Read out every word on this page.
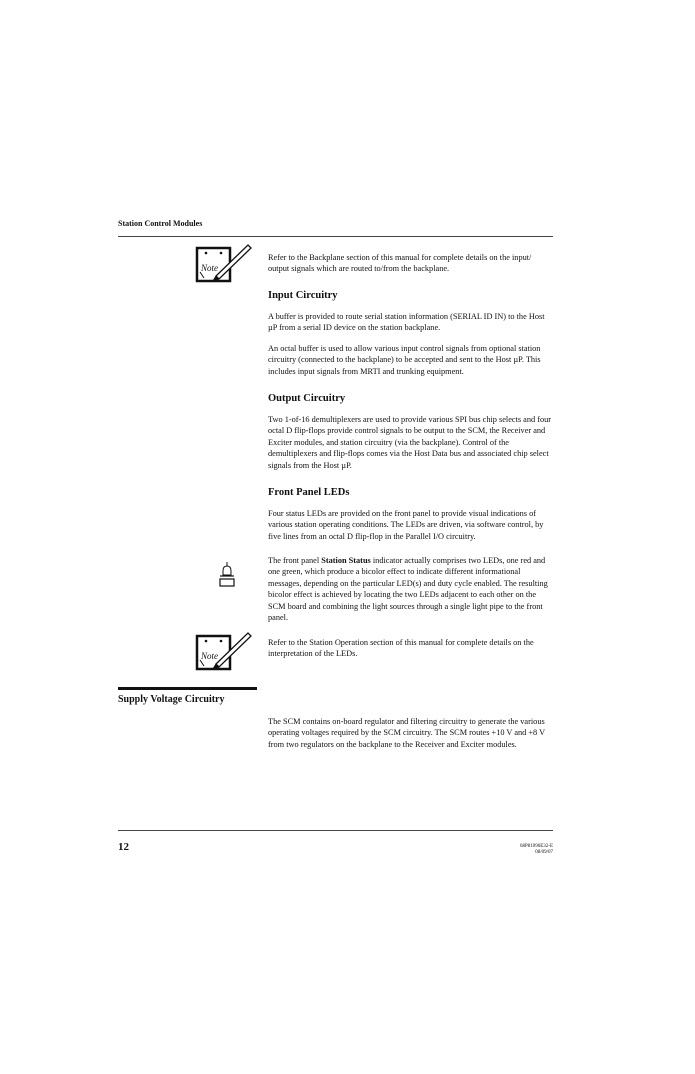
Station Control Modules
Note
Refer to the Backplane section of this manual for complete details on the input/ output signals which are routed to/from the backplane.
Input Circuitry
A buffer is provided to route serial station information (SERIAL ID IN) to the Host µP from a serial ID device on the station backplane.
An octal buffer is used to allow various input control signals from optional station circuitry (connected to the backplane) to be accepted and sent to the Host µP. This includes input signals from MRTI and trunking equipment.
Output Circuitry
Two 1-of-16 demultiplexers are used to provide various SPI bus chip selects and four octal D flip-flops provide control signals to be output to the SCM, the Receiver and Exciter modules, and station circuitry (via the backplane). Control of the demultiplexers and flip-flops comes via the Host Data bus and associated chip select signals from the Host µP.
Front Panel LEDs
Four status LEDs are provided on the front panel to provide visual indications of various station operating conditions. The LEDs are driven, via software control, by five lines from an octal D flip-flop in the Parallel I/O circuitry.
The front panel Station Status indicator actually comprises two LEDs, one red and one green, which produce a bicolor effect to indicate different informational messages, depending on the particular LED(s) and duty cycle enabled. The resulting bicolor effect is achieved by locating the two LEDs adjacent to each other on the SCM board and combining the light sources through a single light pipe to the front panel.
Note
Refer to the Station Operation section of this manual for complete details on the interpretation of the LEDs.
Supply Voltage Circuitry
The SCM contains on-board regulator and filtering circuitry to generate the various operating voltages required by the SCM circuitry. The SCM routes +10 V and +8 V from two regulators on the backplane to the Receiver and Exciter modules.
12	68P81096E32-E
08/09/07
